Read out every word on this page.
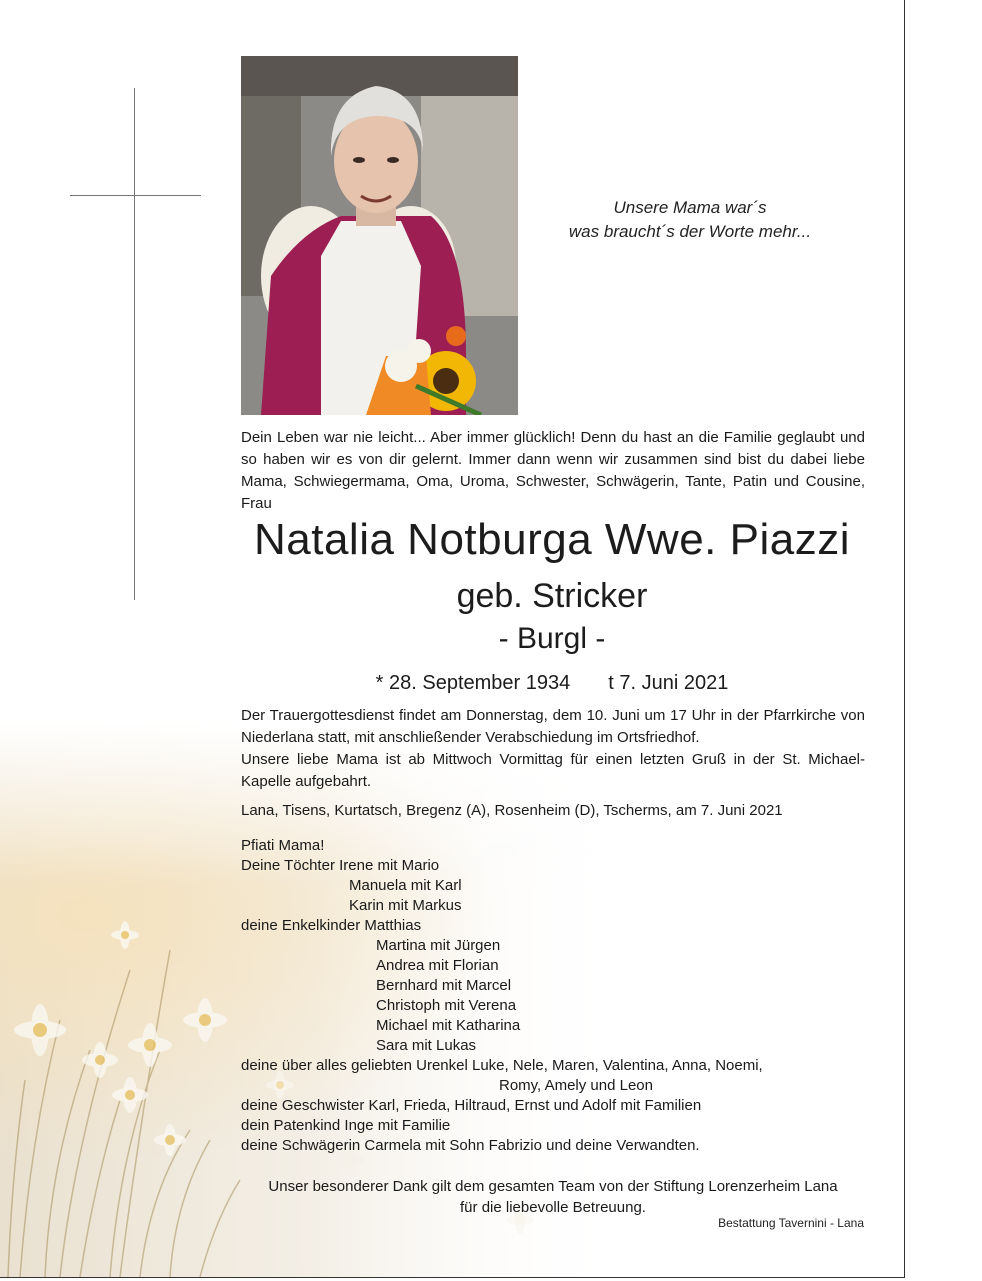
Unsere Mama war´s
was braucht´s der Worte mehr...
Dein Leben war nie leicht... Aber immer glücklich! Denn du hast an die Familie geglaubt und so haben wir es von dir gelernt. Immer dann wenn wir zusammen sind bist du dabei liebe Mama, Schwiegermama, Oma, Uroma, Schwester, Schwägerin, Tante, Patin und Cousine, Frau
Natalia Notburga Wwe. Piazzi
geb. Stricker
- Burgl -
* 28. September 1934 t 7. Juni 2021
Der Trauergottesdienst findet am Donnerstag, dem 10. Juni um 17 Uhr in der Pfarrkirche von Niederlana statt, mit anschließender Verabschiedung im Ortsfriedhof.
Unsere liebe Mama ist ab Mittwoch Vormittag für einen letzten Gruß in der St. Michael-Kapelle aufgebahrt.
Lana, Tisens, Kurtatsch, Bregenz (A), Rosenheim (D), Tscherms, am 7. Juni 2021
Pfiati Mama!
Deine Töchter Irene mit Mario
Manuela mit Karl
Karin mit Markus
deine Enkelkinder Matthias
Martina mit Jürgen
Andrea mit Florian
Bernhard mit Marcel
Christoph mit Verena
Michael mit Katharina
Sara mit Lukas
deine über alles geliebten Urenkel Luke, Nele, Maren, Valentina, Anna, Noemi,
Romy, Amely und Leon
deine Geschwister Karl, Frieda, Hiltraud, Ernst und Adolf mit Familien
dein Patenkind Inge mit Familie
deine Schwägerin Carmela mit Sohn Fabrizio und deine Verwandten.
Unser besonderer Dank gilt dem gesamten Team von der Stiftung Lorenzerheim Lana
für die liebevolle Betreuung.
Bestattung Tavernini - Lana
